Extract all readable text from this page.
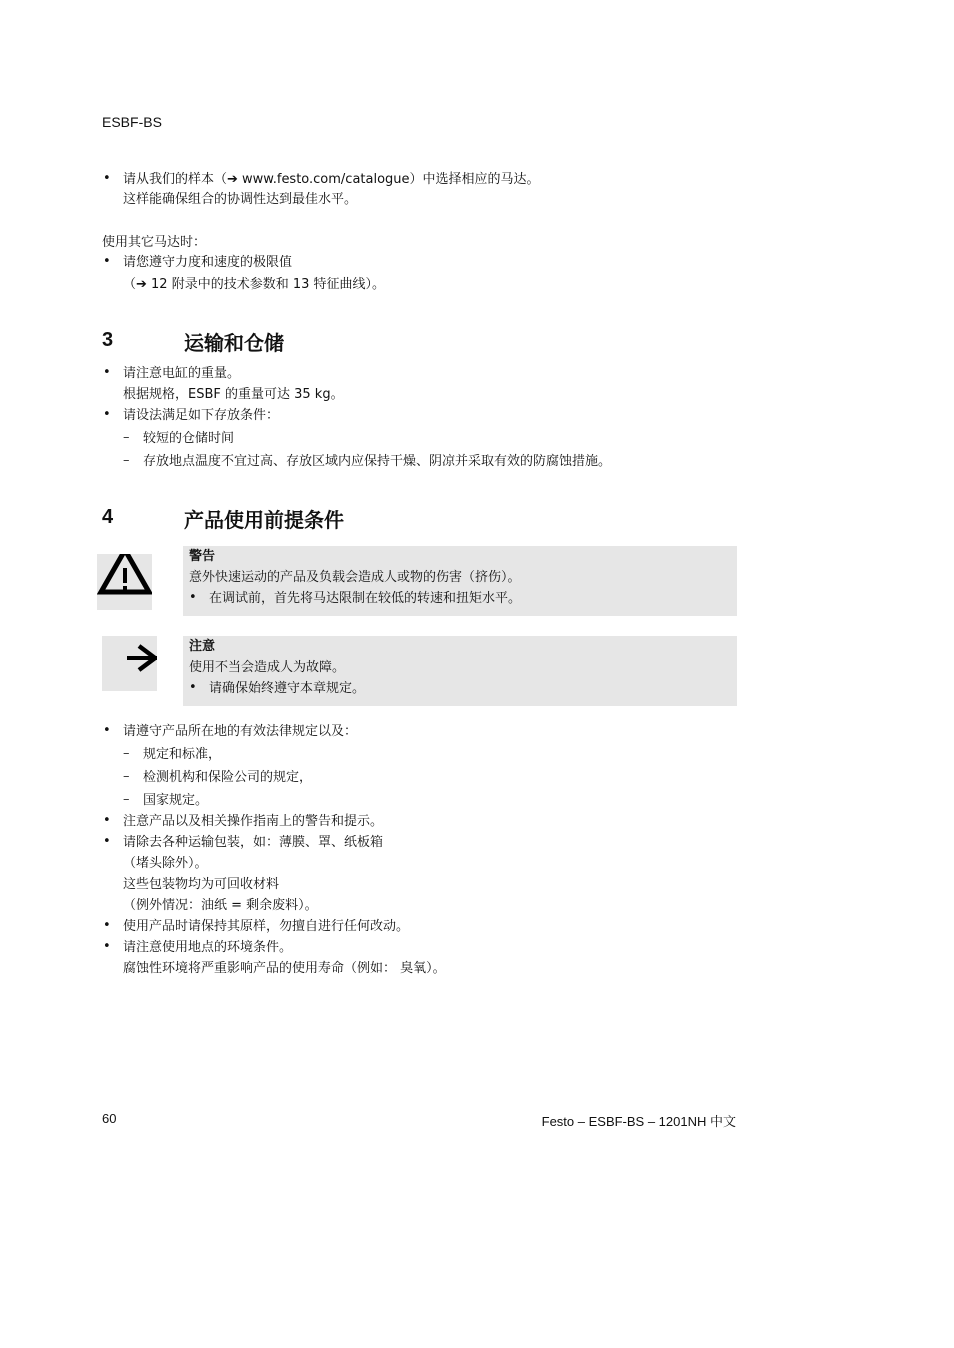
ESBF-BS
• 请从我们的样本（➔ www.festo.com/catalogue）中选择相应的马达。
这样能确保组合的协调性达到最佳水平。
使用其它马达时：
• 请您遵守力度和速度的极限值
（➔ 12 附录中的技术参数和 13 特征曲线）。
3	运输和仓储
• 请注意电缸的重量。
根据规格，ESBF 的重量可达 35 kg。
• 请设法满足如下存放条件：
– 较短的仓储时间
– 存放地点温度不宜过高、存放区域内应保持干燥、阴凉并采取有效的防腐蚀措施。
4	产品使用前提条件
警告
意外快速运动的产品及负载会造成人或物的伤害（挤伤）。
• 在调试前，首先将马达限制在较低的转速和扭矩水平。
注意
使用不当会造成人为故障。
• 请确保始终遵守本章规定。
• 请遵守产品所在地的有效法律规定以及：
– 规定和标准，
– 检测机构和保险公司的规定，
– 国家规定。
• 注意产品以及相关操作指南上的警告和提示。
• 请除去各种运输包装，如：薄膜、罩、纸板箱
（堵头除外）。
这些包装物均为可回收材料
（例外情况：油纸 = 剩余废料）。
• 使用产品时请保持其原样，勿擅自进行任何改动。
• 请注意使用地点的环境条件。
腐蚀性环境将严重影响产品的使用寿命（例如： 臭氧）。
60	Festo – ESBF-BS – 1201NH 中文
